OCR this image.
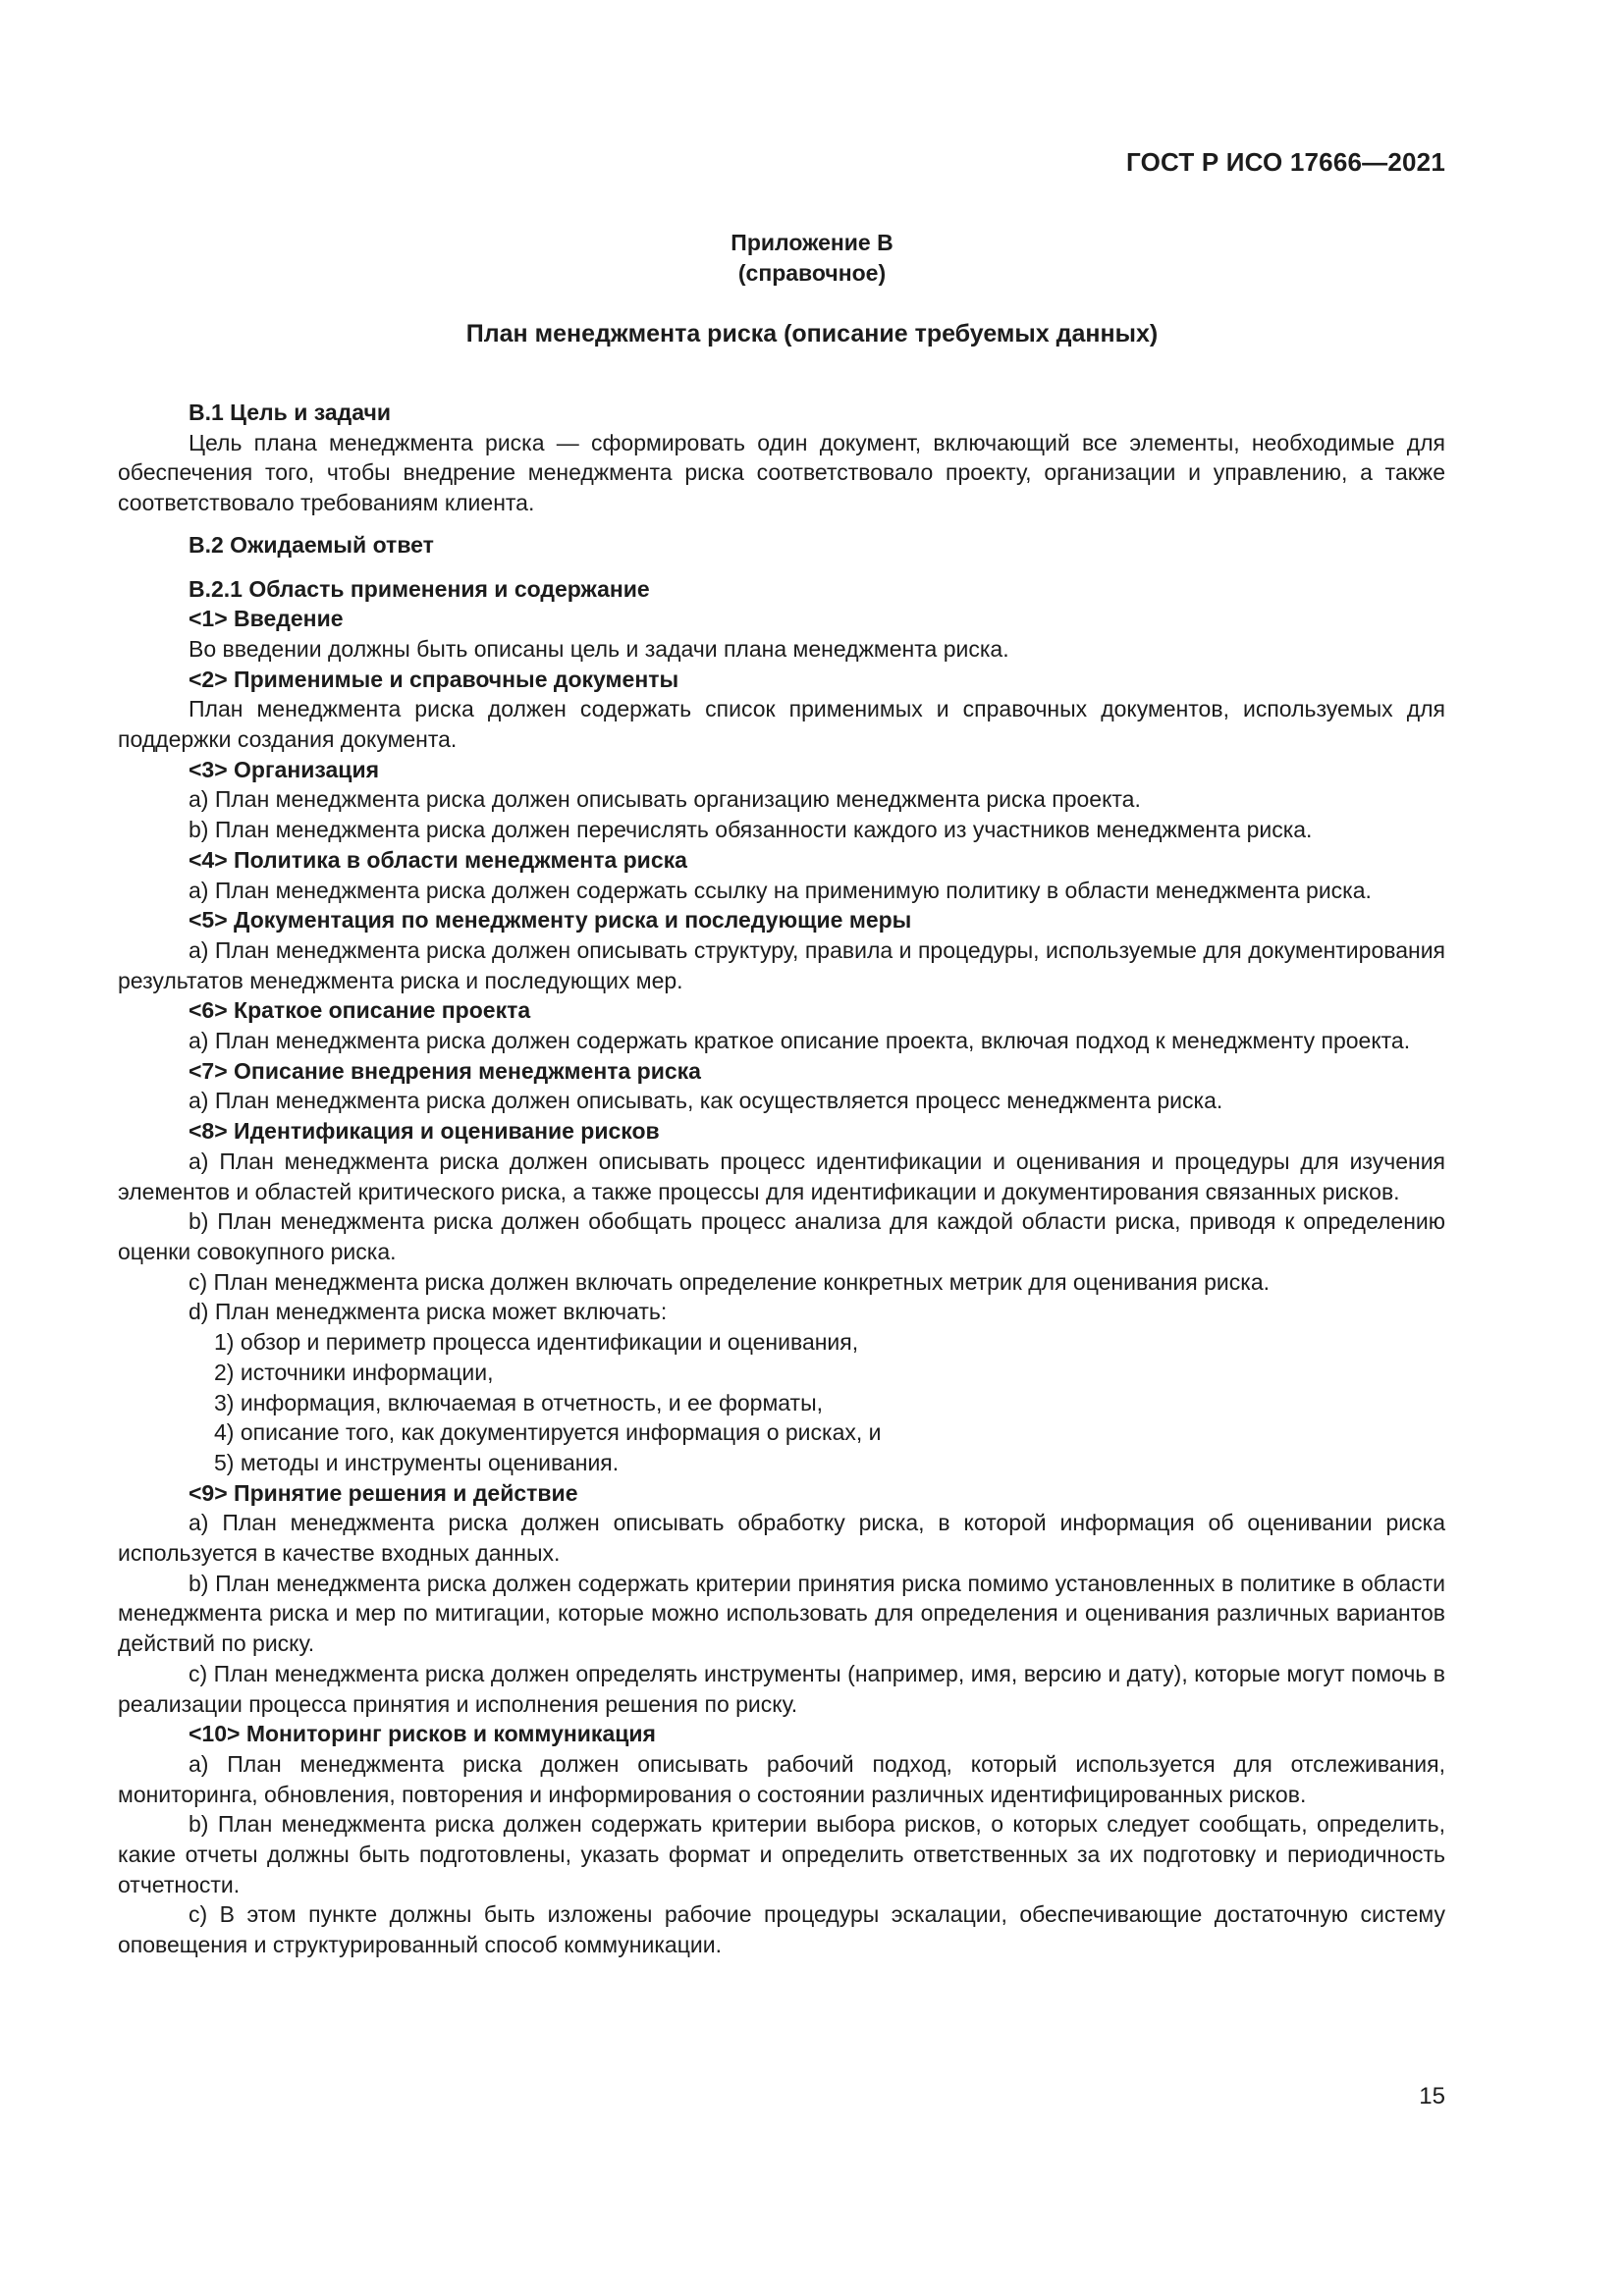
ГОСТ Р ИСО 17666—2021
Приложение В
(справочное)
План менеджмента риска (описание требуемых данных)
В.1 Цель и задачи
Цель плана менеджмента риска — сформировать один документ, включающий все элементы, необходимые для обеспечения того, чтобы внедрение менеджмента риска соответствовало проекту, организации и управлению, а также соответствовало требованиям клиента.
В.2 Ожидаемый ответ
В.2.1 Область применения и содержание
<1> Введение
Во введении должны быть описаны цель и задачи плана менеджмента риска.
<2> Применимые и справочные документы
План менеджмента риска должен содержать список применимых и справочных документов, используемых для поддержки создания документа.
<3> Организация
a) План менеджмента риска должен описывать организацию менеджмента риска проекта.
b) План менеджмента риска должен перечислять обязанности каждого из участников менеджмента риска.
<4> Политика в области менеджмента риска
a) План менеджмента риска должен содержать ссылку на применимую политику в области менеджмента риска.
<5> Документация по менеджменту риска и последующие меры
a) План менеджмента риска должен описывать структуру, правила и процедуры, используемые для документирования результатов менеджмента риска и последующих мер.
<6> Краткое описание проекта
a) План менеджмента риска должен содержать краткое описание проекта, включая подход к менеджменту проекта.
<7> Описание внедрения менеджмента риска
a) План менеджмента риска должен описывать, как осуществляется процесс менеджмента риска.
<8> Идентификация и оценивание рисков
a) План менеджмента риска должен описывать процесс идентификации и оценивания и процедуры для изучения элементов и областей критического риска, а также процессы для идентификации и документирования связанных рисков.
b) План менеджмента риска должен обобщать процесс анализа для каждой области риска, приводя к определению оценки совокупного риска.
c) План менеджмента риска должен включать определение конкретных метрик для оценивания риска.
d) План менеджмента риска может включать:
1) обзор и периметр процесса идентификации и оценивания,
2) источники информации,
3) информация, включаемая в отчетность, и ее форматы,
4) описание того, как документируется информация о рисках, и
5) методы и инструменты оценивания.
<9> Принятие решения и действие
a) План менеджмента риска должен описывать обработку риска, в которой информация об оценивании риска используется в качестве входных данных.
b) План менеджмента риска должен содержать критерии принятия риска помимо установленных в политике в области менеджмента риска и мер по митигации, которые можно использовать для определения и оценивания различных вариантов действий по риску.
c) План менеджмента риска должен определять инструменты (например, имя, версию и дату), которые могут помочь в реализации процесса принятия и исполнения решения по риску.
<10> Мониторинг рисков и коммуникация
a) План менеджмента риска должен описывать рабочий подход, который используется для отслеживания, мониторинга, обновления, повторения и информирования о состоянии различных идентифицированных рисков.
b) План менеджмента риска должен содержать критерии выбора рисков, о которых следует сообщать, определить, какие отчеты должны быть подготовлены, указать формат и определить ответственных за их подготовку и периодичность отчетности.
c) В этом пункте должны быть изложены рабочие процедуры эскалации, обеспечивающие достаточную систему оповещения и структурированный способ коммуникации.
15
